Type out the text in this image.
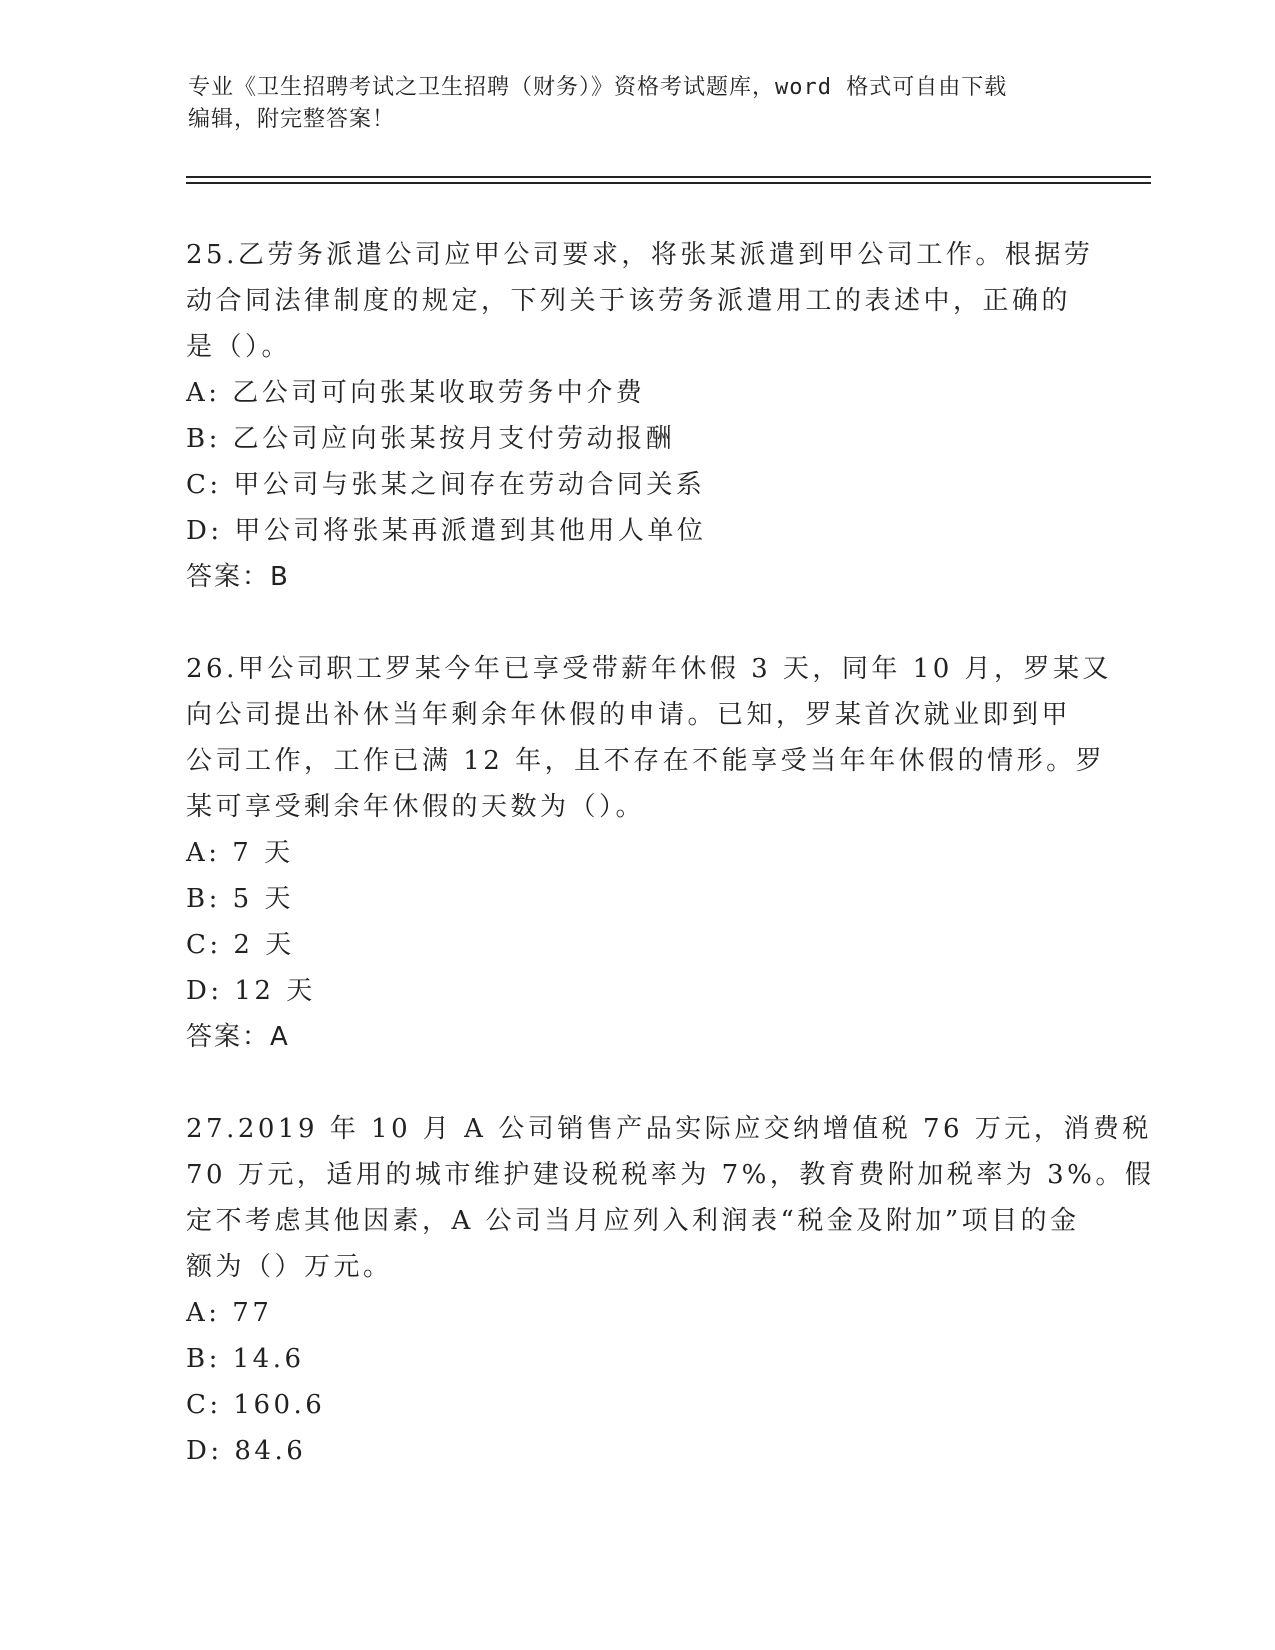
专业《卫生招聘考试之卫生招聘（财务）》资格考试题库，word 格式可自由下载
编辑，附完整答案！
25.乙劳务派遣公司应甲公司要求，将张某派遣到甲公司工作。根据劳
动合同法律制度的规定，下列关于该劳务派遣用工的表述中，正确的
是（）。
A: 乙公司可向张某收取劳务中介费
B: 乙公司应向张某按月支付劳动报酬
C: 甲公司与张某之间存在劳动合同关系
D: 甲公司将张某再派遣到其他用人单位
答案：B
26.甲公司职工罗某今年已享受带薪年休假 3 天，同年 10 月，罗某又
向公司提出补休当年剩余年休假的申请。已知，罗某首次就业即到甲
公司工作，工作已满 12 年，且不存在不能享受当年年休假的情形。罗
某可享受剩余年休假的天数为（）。
A: 7 天
B: 5 天
C: 2 天
D: 12 天
答案：A
27.2019 年 10 月 A 公司销售产品实际应交纳增值税 76 万元，消费税
70 万元，适用的城市维护建设税税率为 7%，教育费附加税率为 3%。假
定不考虑其他因素，A 公司当月应列入利润表“税金及附加”项目的金
额为（）万元。
A: 77
B: 14.6
C: 160.6
D: 84.6
